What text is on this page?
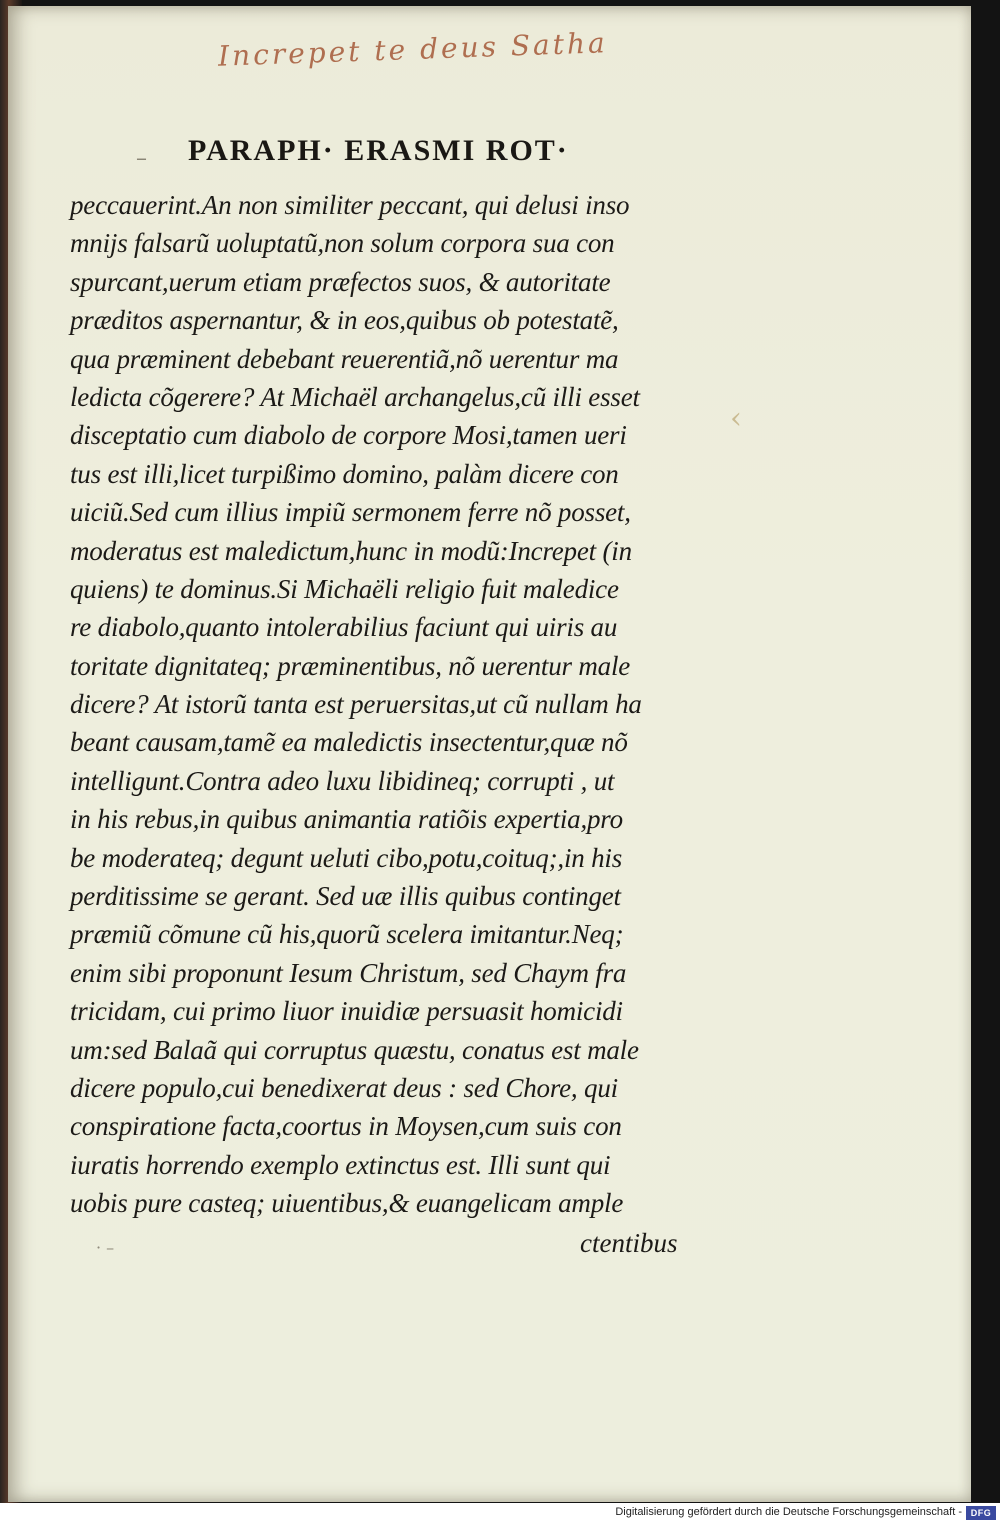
Increpet te deus Satha
– PARAPH· ERASMI ROT·
peccauerint.An non similiter peccant, qui delusi inso
mnijs falsarũ uoluptatũ,non solum corpora sua con
spurcant,uerum etiam præfectos suos, & autoritate
præditos aspernantur, & in eos,quibus ob potestatẽ,
qua præminent debebant reuerentiã,nõ uerentur ma
ledicta cõgerere? At Michaël archangelus,cũ illi esset
disceptatio cum diabolo de corpore Mosi,tamen ueri
tus est illi,licet turpißimo domino, palàm dicere con
uiciũ.Sed cum illius impiũ sermonem ferre nõ posset,
moderatus est maledictum,hunc in modũ:Increpet (in
quiens) te dominus.Si Michaëli religio fuit maledice
re diabolo,quanto intolerabilius faciunt qui uiris au
toritate dignitateq; præminentibus, nõ uerentur male
dicere? At istorũ tanta est peruersitas,ut cũ nullam ha
beant causam,tamẽ ea maledictis insectentur,quæ nõ
intelligunt.Contra adeo luxu libidineq; corrupti , ut
in his rebus,in quibus animantia ratiõis expertia,pro
be moderateq; degunt ueluti cibo,potu,coituq;,in his
perditissime se gerant. Sed uæ illis quibus continget
præmiũ cõmune cũ his,quorũ scelera imitantur.Neq;
enim sibi proponunt Iesum Christum, sed Chaym fra
tricidam, cui primo liuor inuidiæ persuasit homicidi
um:sed Balaã qui corruptus quæstu, conatus est male
dicere populo,cui benedixerat deus : sed Chore, qui
conspiratione facta,coortus in Moysen,cum suis con
iuratis horrendo exemplo extinctus est. Illi sunt qui
uobis pure casteq; uiuentibus,& euangelicam ample
ctentibus
‹
· –
Digitalisierung gefördert durch die Deutsche Forschungsgemeinschaft - DFG
